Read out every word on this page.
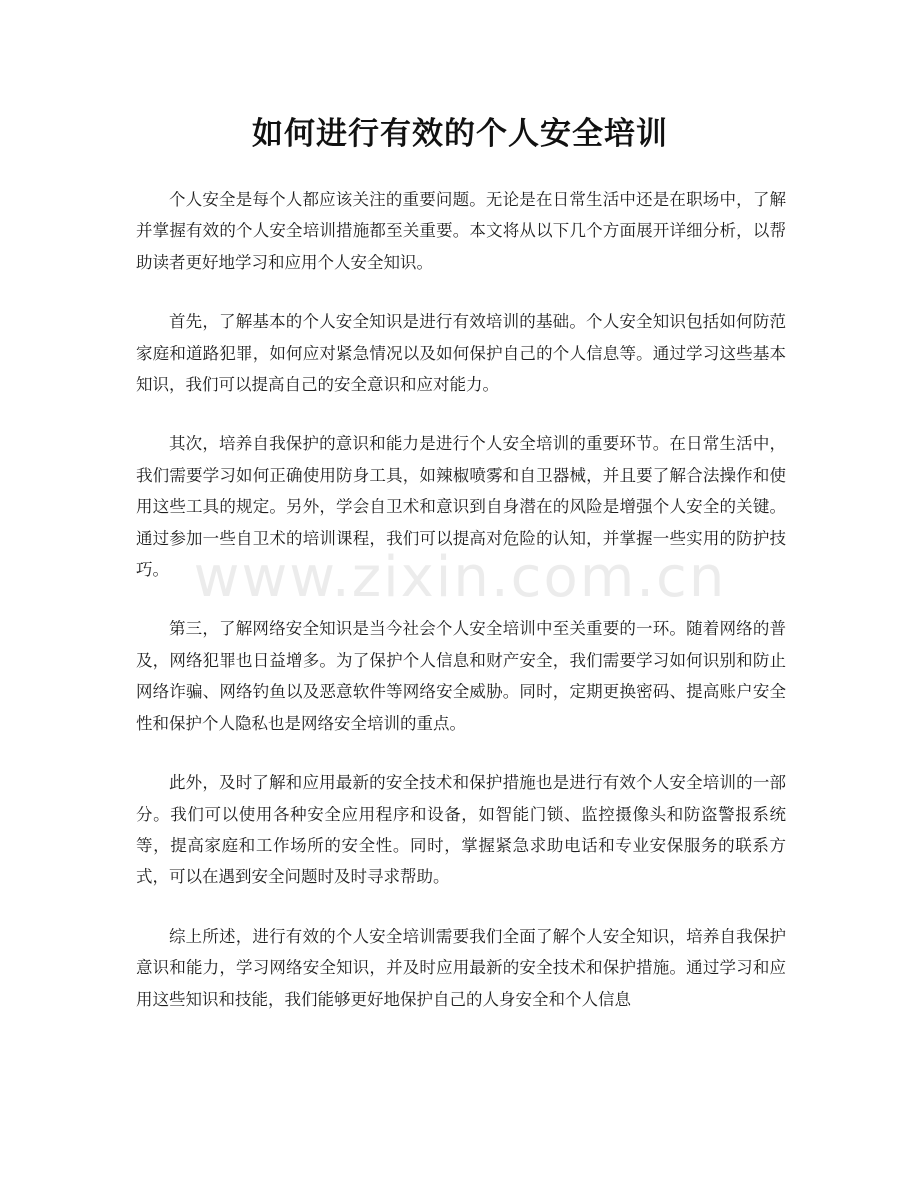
如何进行有效的个人安全培训

个人安全是每个人都应该关注的重要问题。无论是在日常生活中还是在职场中，了解并掌握有效的个人安全培训措施都至关重要。本文将从以下几个方面展开详细分析，以帮助读者更好地学习和应用个人安全知识。

首先，了解基本的个人安全知识是进行有效培训的基础。个人安全知识包括如何防范家庭和道路犯罪，如何应对紧急情况以及如何保护自己的个人信息等。通过学习这些基本知识，我们可以提高自己的安全意识和应对能力。

其次，培养自我保护的意识和能力是进行个人安全培训的重要环节。在日常生活中，我们需要学习如何正确使用防身工具，如辣椒喷雾和自卫器械，并且要了解合法操作和使用这些工具的规定。另外，学会自卫术和意识到自身潜在的风险是增强个人安全的关键。通过参加一些自卫术的培训课程，我们可以提高对危险的认知，并掌握一些实用的防护技巧。

第三，了解网络安全知识是当今社会个人安全培训中至关重要的一环。随着网络的普及，网络犯罪也日益增多。为了保护个人信息和财产安全，我们需要学习如何识别和防止网络诈骗、网络钓鱼以及恶意软件等网络安全威胁。同时，定期更换密码、提高账户安全性和保护个人隐私也是网络安全培训的重点。

此外，及时了解和应用最新的安全技术和保护措施也是进行有效个人安全培训的一部分。我们可以使用各种安全应用程序和设备，如智能门锁、监控摄像头和防盗警报系统等，提高家庭和工作场所的安全性。同时，掌握紧急求助电话和专业安保服务的联系方式，可以在遇到安全问题时及时寻求帮助。

综上所述，进行有效的个人安全培训需要我们全面了解个人安全知识，培养自我保护意识和能力，学习网络安全知识，并及时应用最新的安全技术和保护措施。通过学习和应用这些知识和技能，我们能够更好地保护自己的人身安全和个人信息

www.zixin.com.cn
